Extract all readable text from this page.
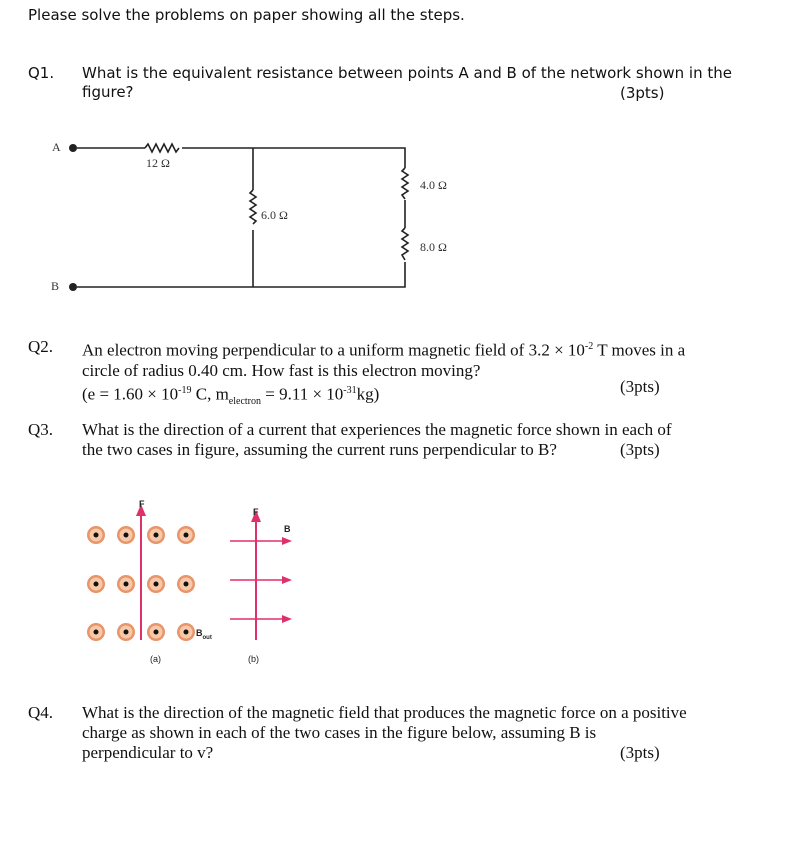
Please solve the problems on paper showing all the steps.
Q1. What is the equivalent resistance between points A and B of the network shown in the
figure?	(3pts)
A
B
12 Ω
6.0 Ω
4.0 Ω
8.0 Ω
Q2. An electron moving perpendicular to a uniform magnetic field of $3.2 \times 10^{-2}$ T moves in a
circle of radius 0.40 cm. How fast is this electron moving?
($e = 1.60 \times 10^{-19}$ C, $m_{electron} = 9.11 \times 10^{-31}kg$)	(3pts)
Q3. What is the direction of a current that experiences the magnetic force shown in each of
the two cases in figure, assuming the current runs perpendicular to B?	(3pts)
F
F
B
$B_{out}$
(a)	(b)
Q4. What is the direction of the magnetic field that produces the magnetic force on a positive
charge as shown in each of the two cases in the figure below, assuming B is
perpendicular to v?	(3pts)
